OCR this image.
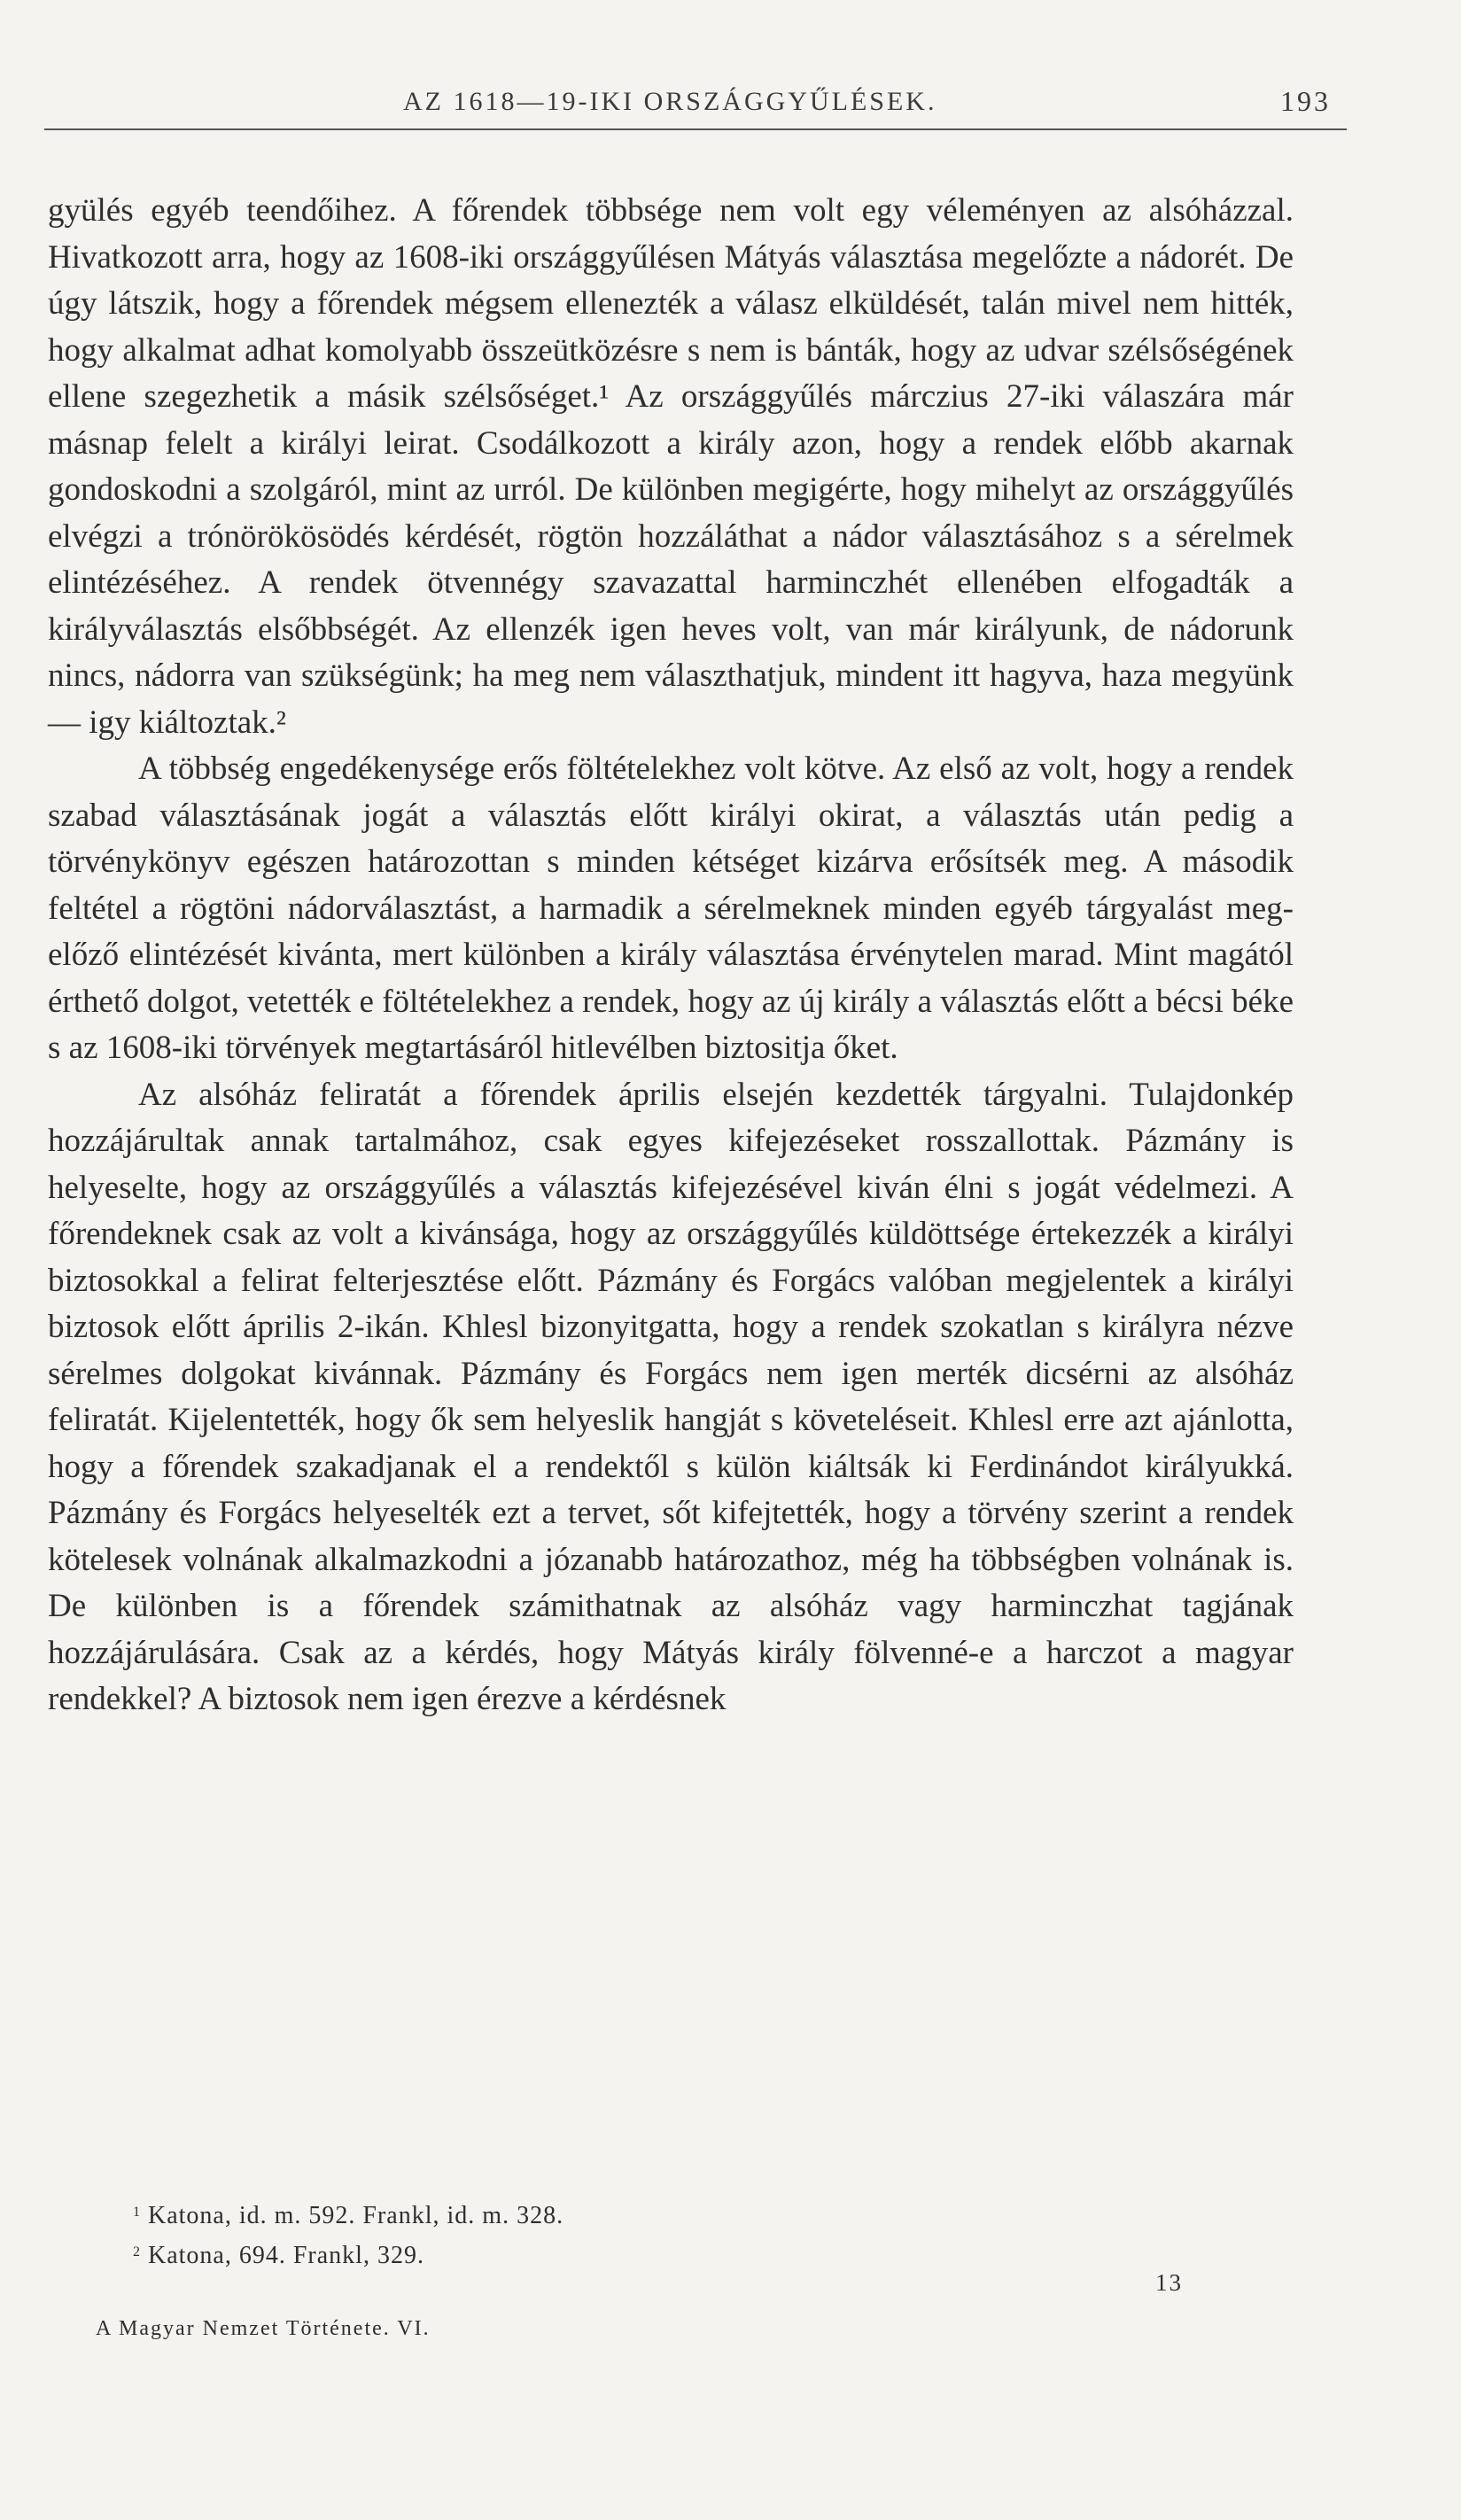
AZ 1618—19-IKI ORSZÁGGYŰLÉSEK.	193

gyülés egyéb teendőihez. A főrendek többsége nem volt egy véleményen az alsóházzal. Hivatkozott arra, hogy az 1608-iki országgyűlésen Mátyás választása megelőzte a nádorét. De úgy látszik, hogy a főrendek mégsem ellenezték a válasz elküldését, talán mivel nem hitték, hogy alkalmat adhat komolyabb összeütközésre s nem is bánták, hogy az udvar szélsőségének ellene szegezhetik a másik szélsőséget.¹ Az országgyűlés márczius 27-iki válaszára már másnap felelt a királyi leirat. Csodálkozott a király azon, hogy a rendek előbb akarnak gondoskodni a szolgáról, mint az urról. De különben megigérte, hogy mihelyt az országgyűlés elvégzi a trónörökösödés kérdését, rögtön hozzáláthat a nádor választásához s a sérelmek elintézéséhez. A rendek ötvennégy szavazattal harminczhét ellenében elfogadták a királyválasztás elsőbbségét. Az ellenzék igen heves volt, van már királyunk, de nádorunk nincs, nádorra van szükségünk; ha meg nem választhatjuk, mindent itt hagyva, haza megyünk — igy kiáltoztak.²

A többség engedékenysége erős föltételekhez volt kötve. Az első az volt, hogy a rendek szabad választásának jogát a választás előtt királyi okirat, a választás után pedig a törvénykönyv egészen határozottan s minden kétséget kizárva erősítsék meg. A második feltétel a rögtöni nádorválasztást, a harmadik a sérelmeknek minden egyéb tárgyalást megelőző elintézését kivánta, mert különben a király választása érvénytelen marad. Mint magától érthető dolgot, vetették e föltételekhez a rendek, hogy az új király a választás előtt a bécsi béke s az 1608-iki törvények megtartásáról hitlevélben biztositja őket.

Az alsóház feliratát a főrendek április elsején kezdették tárgyalni. Tulajdonkép hozzájárultak annak tartalmához, csak egyes kifejezéseket rosszallottak. Pázmány is helyeselte, hogy az országgyűlés a választás kifejezésével kiván élni s jogát védelmezi. A főrendeknek csak az volt a kivánsága, hogy az országgyűlés küldöttsége értekezzék a királyi biztosokkal a felirat felterjesztése előtt. Pázmány és Forgács valóban megjelentek a királyi biztosok előtt április 2-ikán. Khlesl bizonyitgatta, hogy a rendek szokatlan s királyra nézve sérelmes dolgokat kivánnak. Pázmány és Forgács nem igen merték dicsérni az alsóház feliratát. Kijelentették, hogy ők sem helyeslik hangját s követeléseit. Khlesl erre azt ajánlotta, hogy a főrendek szakadjanak el a rendektől s külön kiáltsák ki Ferdinándot királyukká. Pázmány és Forgács helyeselték ezt a tervet, sőt kifejtették, hogy a törvény szerint a rendek kötelesek volnának alkalmazkodni a józanabb határozathoz, még ha többségben volnának is. De különben is a főrendek számithatnak az alsóház vagy harminczhat tagjának hozzájárulására. Csak az a kérdés, hogy Mátyás király fölvenné-e a harczot a magyar rendekkel? A biztosok nem igen érezve a kérdésnek

$^1$ Katona, id. m. 592. Frankl, id. m. 328.
$^2$ Katona, 694. Frankl, 329.
A Magyar Nemzet Története. VI.
13
